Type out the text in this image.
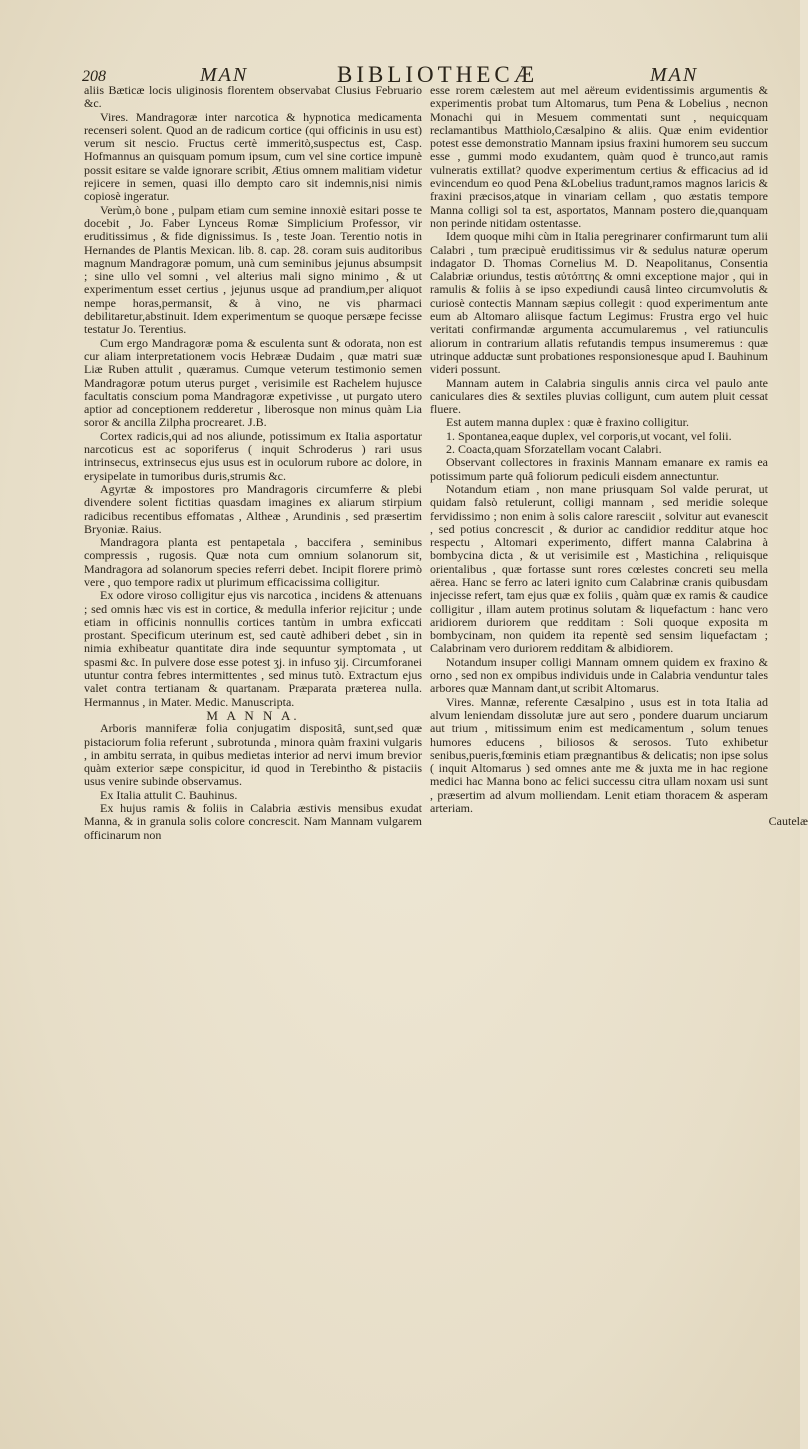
208	MAN	BIBLIOTHECÆ	MAN

aliis Bæticæ locis uliginosis florentem observabat Clusius Februario &c.

Vires. Mandragoræ inter narcotica & hypnotica medicamenta recenseri solent. Quod an de radicum cortice (qui officinis in usu est) verum sit nescio. Fructus certè immeritò,suspectus est, Casp. Hofmannus an quisquam pomum ipsum, cum vel sine cortice impunè possit esitare se valde ignorare scribit, Ætius omnem malitiam videtur rejicere in semen, quasi illo dempto caro sit indemnis,nisi nimis copiosè ingeratur.

Verùm,ò bone , pulpam etiam cum semine innoxiè esitari posse te docebit , Jo. Faber Lynceus Romæ Simplicium Professor, vir eruditissimus , & fide dignissimus. Is , teste Joan. Terentio notis in Hernandes de Plantis Mexican. lib. 8. cap. 28. coram suis auditoribus magnum Mandragoræ pomum, unà cum seminibus jejunus absumpsit ; sine ullo vel somni , vel alterius mali signo minimo , & ut experimentum esset certius , jejunus usque ad prandium,per aliquot nempe horas,permansit, & à vino, ne vis pharmaci debilitaretur,abstinuit. Idem experimentum se quoque persæpe fecisse testatur Jo. Terentius.

Cum ergo Mandragoræ poma & esculenta sunt & odorata, non est cur aliam interpretationem vocis Hebrææ Dudaim , quæ matri suæ Liæ Ruben attulit , quæramus. Cumque veterum testimonio semen Mandragoræ potum uterus purget , verisimile est Rachelem hujusce facultatis conscium poma Mandragoræ expetivisse , ut purgato utero aptior ad conceptionem redderetur , liberosque non minus quàm Lia soror & ancilla Zilpha procrearet. J.B.

Cortex radicis,qui ad nos aliunde, potissimum ex Italia asportatur narcoticus est ac soporiferus ( inquit Schroderus ) rari usus intrinsecus, extrinsecus ejus usus est in oculorum rubore ac dolore, in erysipelate in tumoribus duris,strumis &c.

Agyrtæ & impostores pro Mandragoris circumferre & plebi divendere solent fictitias quasdam imagines ex aliarum stirpium radicibus recentibus effomatas , Altheæ , Arundinis , sed præsertim Bryoniæ. Raius.

Mandragora planta est pentapetala , baccifera , seminibus compressis , rugosis. Quæ nota cum omnium solanorum sit, Mandragora ad solanorum species referri debet. Incipit florere primò vere , quo tempore radix ut plurimum efficacissima colligitur.

Ex odore viroso colligitur ejus vis narcotica , incidens & attenuans ; sed omnis hæc vis est in cortice, & medulla inferior rejicitur ; unde etiam in officinis nonnullis cortices tantùm in umbra exficcati prostant. Specificum uterinum est, sed cautè adhiberi debet , sin in nimia exhibeatur quantitate dira inde sequuntur symptomata , ut spasmi &c. In pulvere dose esse potest ʒj. in infuso ʒij. Circumforanei utuntur contra febres intermittentes , sed minus tutò. Extractum ejus valet contra tertianam & quartanam. Præparata præterea nulla. Hermannus , in Mater. Medic. Manuscripta.

M A N N A.

Arboris manniferæ folia conjugatim dispositâ, sunt,sed quæ pistaciorum folia referunt , subrotunda , minora quàm fraxini vulgaris , in ambitu serrata, in quibus medietas interior ad nervi imum brevior quàm exterior sæpe conspicitur, id quod in Terebintho & pistaciis usus venire subinde observamus.

Ex Italia attulit C. Bauhinus.

Ex hujus ramis & foliis in Calabria æstivis mensibus exudat Manna, & in granula solis colore concrescit. Nam Mannam vulgarem officinarum non

esse rorem cælestem aut mel aëreum evidentissimis argumentis & experimentis probat tum Altomarus, tum Pena & Lobelius , necnon Monachi qui in Mesuem commentati sunt , nequicquam reclamantibus Matthiolo,Cæsalpino & aliis. Quæ enim evidentior potest esse demonstratio Mannam ipsius fraxini humorem seu succum esse , gummi modo exudantem, quàm quod è trunco,aut ramis vulneratis extillat? quodve experimentum certius & efficacius ad id evincendum eo quod Pena &Lobelius tradunt,ramos magnos laricis & fraxini præcisos,atque in vinariam cellam , quo æstatis tempore Manna colligi sol ta est, asportatos, Mannam postero die,quanquam non perinde nitidam ostentasse.

Idem quoque mihi cùm in Italia peregrinarer confirmarunt tum alii Calabri , tum præcipuè eruditissimus vir & sedulus naturæ operum indagator D. Thomas Cornelius M. D. Neapolitanus, Consentia Calabriæ oriundus, testis αὐτόπτης & omni exceptione major , qui in ramulis & foliis à se ipso expediundi causâ linteo circumvolutis & curiosè contectis Mannam sæpius collegit : quod experimentum ante eum ab Altomaro aliisque factum Legimus: Frustra ergo vel huic veritati confirmandæ argumenta accumularemus , vel ratiunculis aliorum in contrarium allatis refutandis tempus insumeremus : quæ utrinque adductæ sunt probationes responsionesque apud I. Bauhinum videri possunt.

Mannam autem in Calabria singulis annis circa vel paulo ante caniculares dies & sextiles pluvias colligunt, cum autem pluit cessat fluere.

Est autem manna duplex : quæ è fraxino colligitur.

1. Spontanea,eaque duplex, vel corporis,ut vocant, vel folii.

2. Coacta,quam Sforzatellam vocant Calabri.

Observant collectores in fraxinis Mannam emanare ex ramis ea potissimum parte quâ foliorum pediculi eisdem annectuntur.

Notandum etiam , non mane priusquam Sol valde perurat, ut quidam falsò retulerunt, colligi mannam , sed meridie soleque fervidissimo ; non enim à solis calore raresciit , solvitur aut evanescit , sed potius concrescit , & durior ac candidior redditur atque hoc respectu , Altomari experimento, differt manna Calabrina à bombycina dicta , & ut verisimile est , Mastichina , reliquisque orientalibus , quæ fortasse sunt rores cœlestes concreti seu mella aërea. Hanc se ferro ac lateri ignito cum Calabrinæ cranis quibusdam injecisse refert, tam ejus quæ ex foliis , quàm quæ ex ramis & caudice colligitur , illam autem protinus solutam & liquefactum : hanc vero aridiorem duriorem que redditam : Soli quoque exposita m bombycinam, non quidem ita repentè sed sensim liquefactam ; Calabrinam vero duriorem redditam & albidiorem.

Notandum insuper colligi Mannam omnem quidem ex fraxino & orno , sed non ex ompibus individuis unde in Calabria venduntur tales arbores quæ Mannam dant,ut scribit Altomarus.

Vires. Mannæ, referente Cæsalpino , usus est in tota Italia ad alvum leniendam dissolutæ jure aut sero , pondere duarum unciarum aut trium , mitissimum enim est medicamentum , solum tenues humores educens , biliosos & serosos. Tuto exhibetur senibus,pueris,fœminis etiam prægnantibus & delicatis; non ipse solus ( inquit Altomarus ) sed omnes ante me & juxta me in hac regione medici hac Manna bono ac felici successu citra ullam noxam usi sunt , præsertim ad alvum molliendam. Lenit etiam thoracem & asperam arteriam.

Cautelæ
